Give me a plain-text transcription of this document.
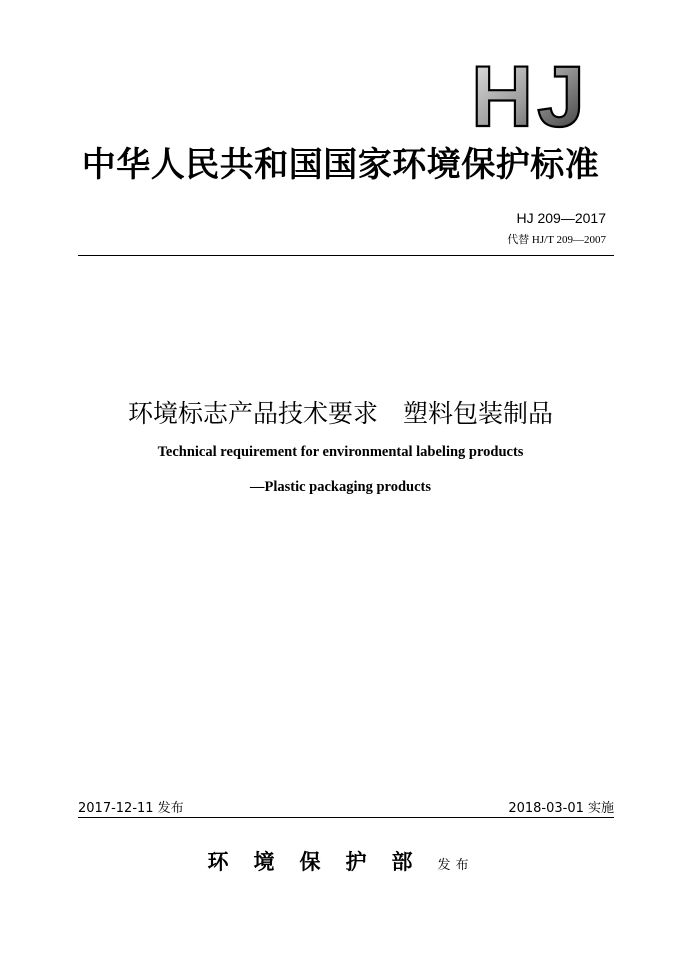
HJ
中华人民共和国国家环境保护标准
HJ 209—2017
代替 HJ/T 209—2007
环境标志产品技术要求　塑料包装制品
Technical requirement for environmental labeling products
—Plastic packaging products
2017-12-11 发布	2018-03-01 实施
环境保护部发布
